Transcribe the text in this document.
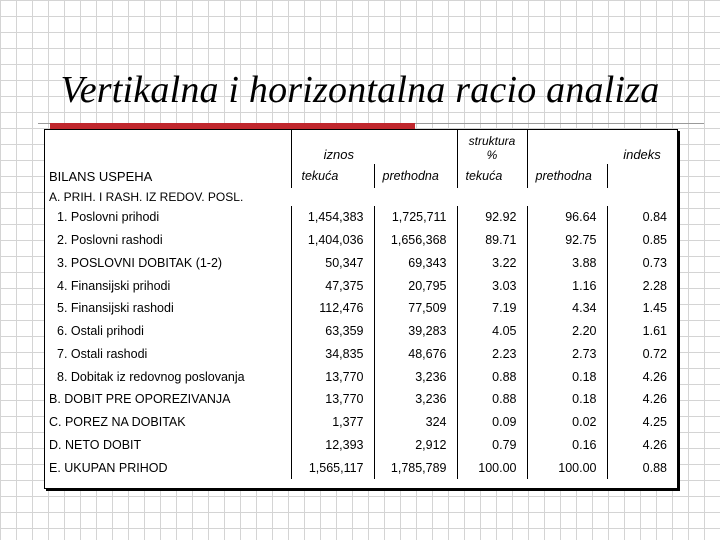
Vertikalna i horizontalna racio analiza
	iznos		struktura
%		indeks
BILANS USPEHA	tekuća	prethodna	tekuća	prethodna	
A. PRIH. I RASH. IZ REDOV. POSL.					
1. Poslovni prihodi	1,454,383	1,725,711	92.92	96.64	0.84
2. Poslovni rashodi	1,404,036	1,656,368	89.71	92.75	0.85
3. POSLOVNI DOBITAK (1-2)	50,347	69,343	3.22	3.88	0.73
4. Finansijski prihodi	47,375	20,795	3.03	1.16	2.28
5. Finansijski rashodi	112,476	77,509	7.19	4.34	1.45
6. Ostali prihodi	63,359	39,283	4.05	2.20	1.61
7. Ostali rashodi	34,835	48,676	2.23	2.73	0.72
8. Dobitak iz redovnog poslovanja	13,770	3,236	0.88	0.18	4.26
B. DOBIT PRE OPOREZIVANJA	13,770	3,236	0.88	0.18	4.26
C. POREZ NA DOBITAK	1,377	324	0.09	0.02	4.25
D. NETO DOBIT	12,393	2,912	0.79	0.16	4.26
E. UKUPAN PRIHOD	1,565,117	1,785,789	100.00	100.00	0.88
